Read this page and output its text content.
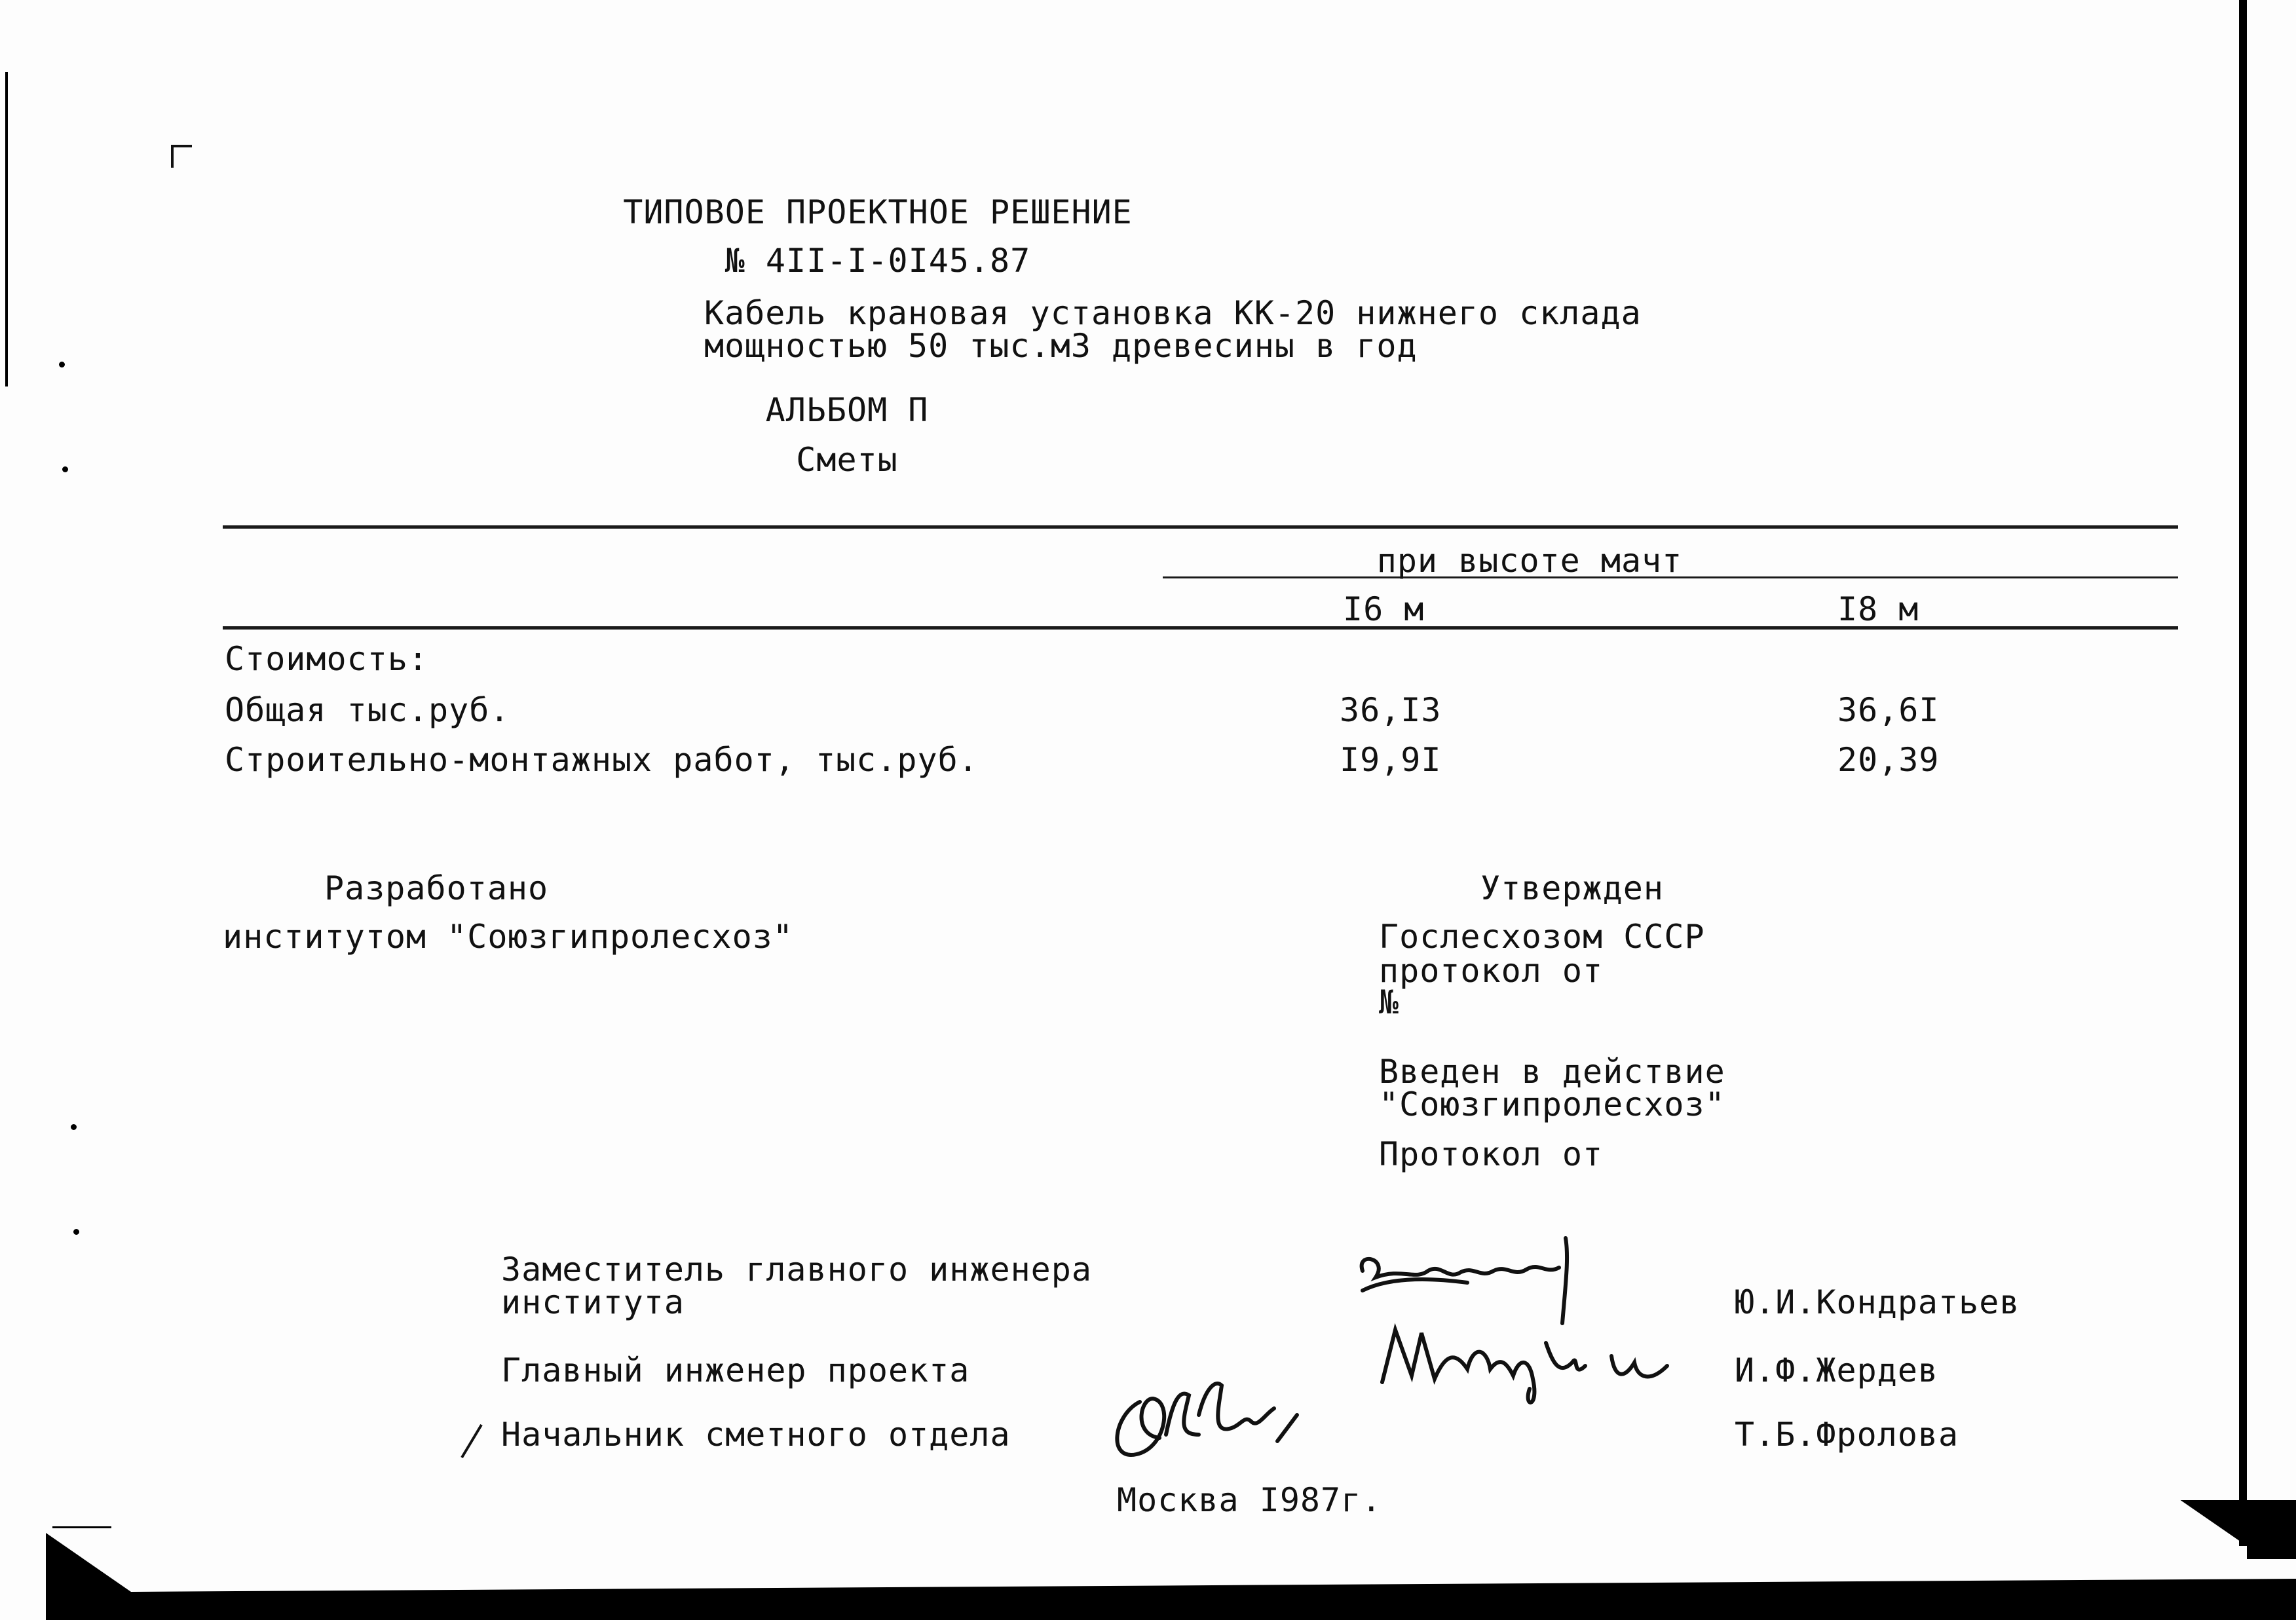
ТИПОВОЕ ПРОЕКТНОЕ РЕШЕНИЕ
№ 4II-I-0I45.87
Кабель крановая установка КК-20 нижнего склада
мощностью 50 тыс.м3 древесины в год
АЛЬБОМ П
Сметы
при высоте мачт
I6 м	I8 м
Стоимость:
Общая тыс.руб.	36,I3	36,6I
Строительно-монтажных работ, тыс.руб.	I9,9I	20,39
Разработано
институтом "Союзгипролесхоз"
Утвержден
Гослесхозом СССР
протокол от
№
Введен в действие
"Союзгипролесхоз"
Протокол от
Заместитель главного инженера
института	Ю.И.Кондратьев
Главный инженер проекта	И.Ф.Жердев
Начальник сметного отдела	Т.Б.Фролова
Москва I987г.
